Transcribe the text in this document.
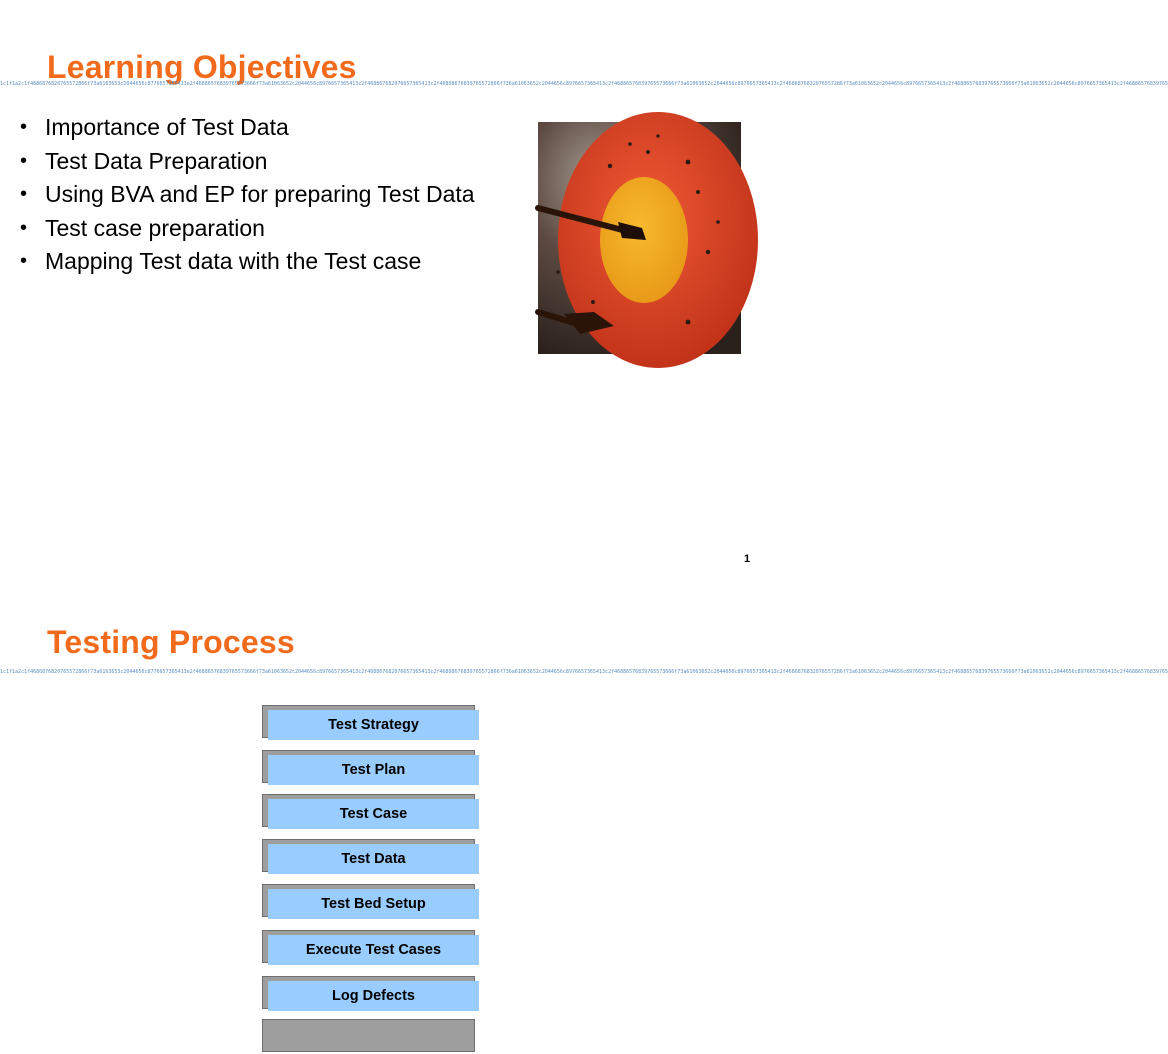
Learning Objectives
1c1f1a2c1f4686876820765572866f73a6163653c2044656c8776657365413e2f46886576839765573666f73a61063652c2044656c8976657365413c2f468867682076657365413c2f46808676839765572866f736a61063652c2044656c8976657365413c2f46886576839765573666f73a61063652c2044656c8976657365413c2f4686876832076557286f73a61063652c2044656c8976657365413c2f46886576839765573666f73a61063652c2044656c8976657365413c2f46886576839765
• Importance of Test Data
• Test Data Preparation
• Using BVA and EP for preparing Test Data
• Test case preparation
• Mapping Test data with the Test case
1
Testing Process
1c1f1a2c1f4686876820765572866f73a6163653c2044656c8776657365413e2f46886576839765573666f73a61063652c2044656c8976657365413c2f468867682076657365413c2f46808676839765572866f736a61063652c2044656c8976657365413c2f46886576839765573666f73a61063652c2044656c8976657365413c2f4686876832076557286f73a61063652c2044656c8976657365413c2f46886576839765573666f73a61063652c2044656c8976657365413c2f46886576839765
Test Strategy
Test Plan
Test Case
Test Data
Test Bed Setup
Execute Test Cases
Log Defects
